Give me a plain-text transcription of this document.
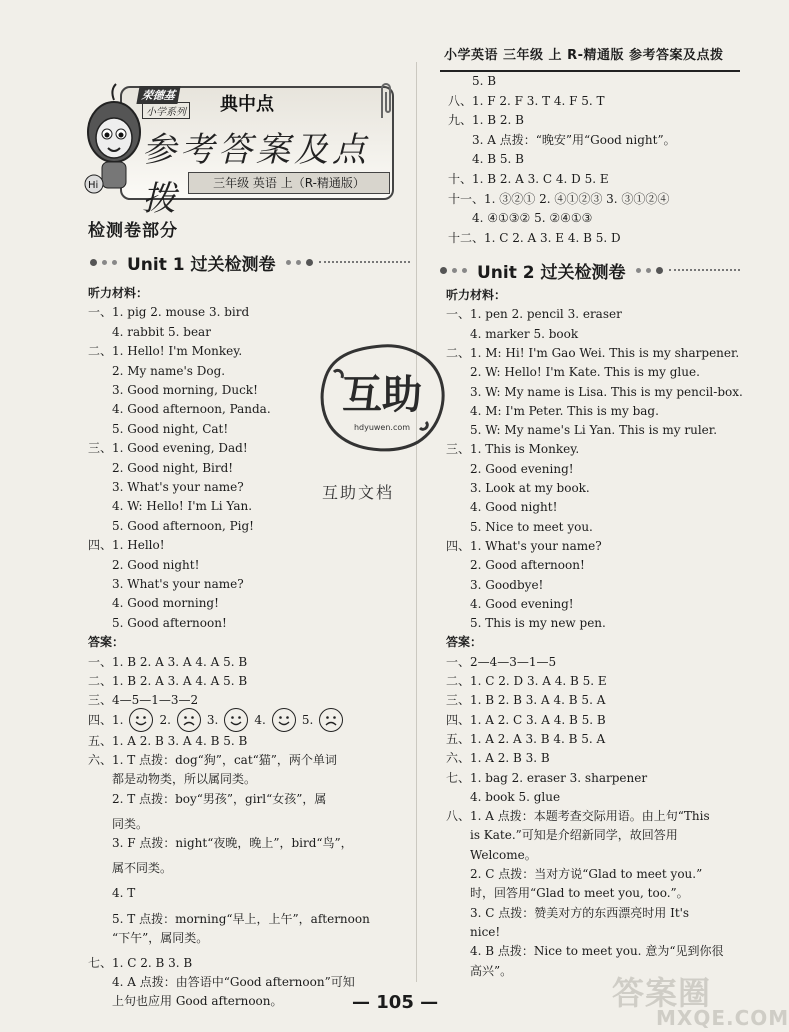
小学英语 三年级 上 R-精通版 参考答案及点拨
荣德基
小学系列 典中点
参考答案及点拨	三年级 英语 上（R-精通版）
Hi
检测卷部分
Unit 1 过关检测卷
听力材料：
一、1. pig 2. mouse 3. bird
4. rabbit 5. bear
二、1. Hello! I'm Monkey.
2. My name's Dog.
3. Good morning, Duck!
4. Good afternoon, Panda.
5. Good night, Cat!
三、1. Good evening, Dad!
2. Good night, Bird!
3. What's your name?
4. W: Hello! I'm Li Yan.
5. Good afternoon, Pig!
四、1. Hello!
2. Good night!
3. What's your name?
4. Good morning!
5. Good afternoon!
答案：
一、1. B 2. A 3. A 4. A 5. B
二、1. B 2. A 3. A 4. A 5. B
三、4—5—1—3—2
四、1.	2.	3.	4.	5.
五、1. A 2. B 3. A 4. B 5. B
六、1. T 点拨：dog“狗”，cat“猫”，两个单词
都是动物类，所以属同类。
2. T 点拨：boy“男孩”，girl“女孩”，属
同类。
3. F 点拨：night“夜晚，晚上”，bird“鸟”，
属不同类。
4. T
5. T 点拨：morning“早上，上午”，afternoon
“下午”，属同类。
七、1. C 2. B 3. B
4. A 点拨：由答语中“Good afternoon”可知
上句也应用 Good afternoon。
互助
hdyuwen.com
互助文档
5. B
八、1. F 2. F 3. T 4. F 5. T
九、1. B 2. B
3. A 点拨：“晚安”用“Good night”。
4. B 5. B
十、1. B 2. A 3. C 4. D 5. E
十一、1. ③②① 2. ④①②③ 3. ③①②④
4. ④①③② 5. ②④①③
十二、1. C 2. A 3. E 4. B 5. D
Unit 2 过关检测卷
听力材料：
一、1. pen 2. pencil 3. eraser
4. marker 5. book
二、1. M: Hi! I'm Gao Wei. This is my sharpener.
2. W: Hello! I'm Kate. This is my glue.
3. W: My name is Lisa. This is my pencil-box.
4. M: I'm Peter. This is my bag.
5. W: My name's Li Yan. This is my ruler.
三、1. This is Monkey.
2. Good evening!
3. Look at my book.
4. Good night!
5. Nice to meet you.
四、1. What's your name?
2. Good afternoon!
3. Goodbye!
4. Good evening!
5. This is my new pen.
答案：
一、2—4—3—1—5
二、1. C 2. D 3. A 4. B 5. E
三、1. B 2. B 3. A 4. B 5. A
四、1. A 2. C 3. A 4. B 5. B
五、1. A 2. A 3. B 4. B 5. A
六、1. A 2. B 3. B
七、1. bag 2. eraser 3. sharpener
4. book 5. glue
八、1. A 点拨：本题考查交际用语。由上句“This
is Kate.”可知是介绍新同学，故回答用
Welcome。
2. C 点拨：当对方说“Glad to meet you.”
时，回答用“Glad to meet you, too.”。
3. C 点拨：赞美对方的东西漂亮时用 It's
nice!
4. B 点拨：Nice to meet you. 意为“见到你很
高兴”。
— 105 —	答案圈
MXQE.COM
